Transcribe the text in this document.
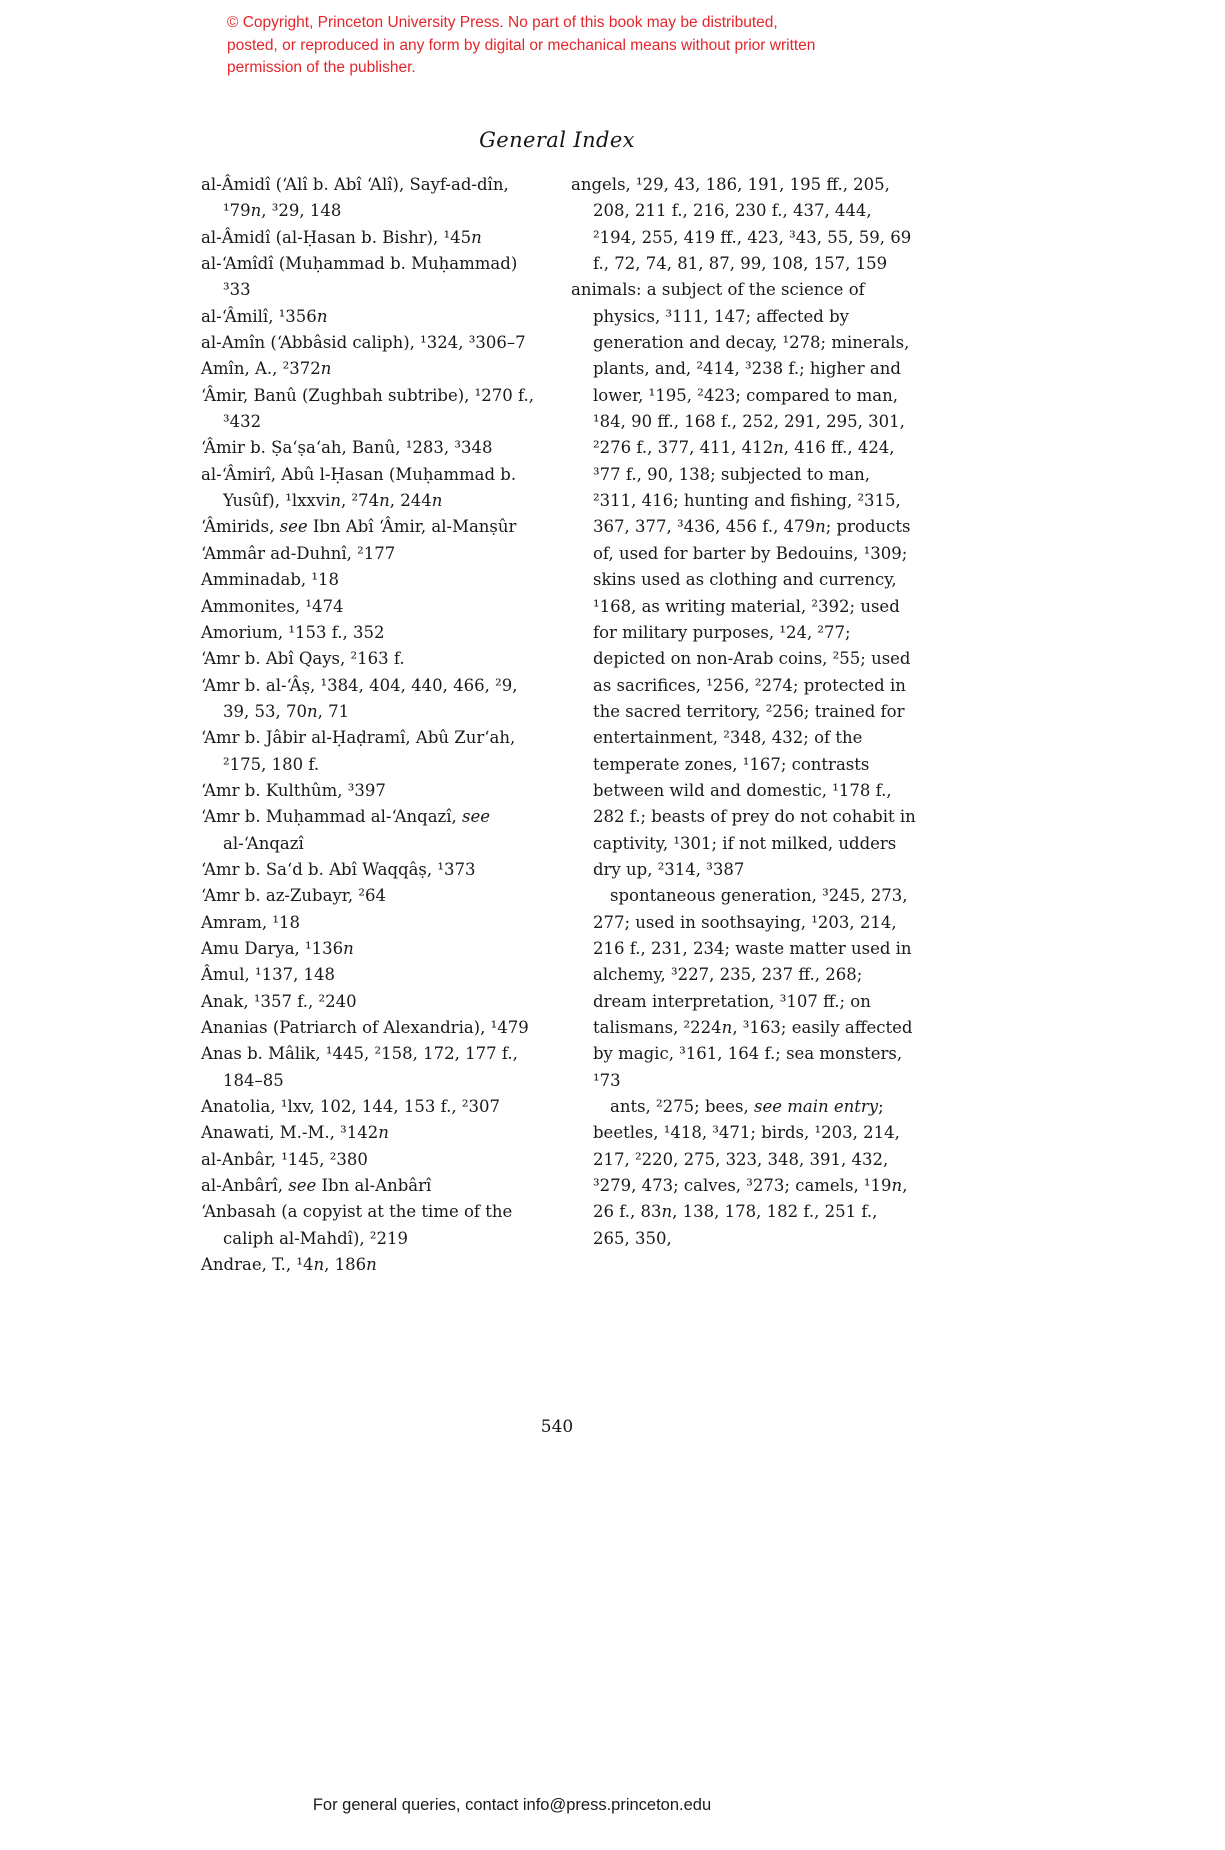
© Copyright, Princeton University Press. No part of this book may be distributed, posted, or reproduced in any form by digital or mechanical means without prior written permission of the publisher.
General Index
al-Âmidî (‘Alî b. Abî ‘Alî), Sayf-ad-dîn, ¹79n, ³29, 148
al-Âmidî (al-Ḥasan b. Bishr), ¹45n
al-‘Amîdî (Muḥammad b. Muḥammad) ³33
al-‘Âmilî, ¹356n
al-Amîn (‘Abbâsid caliph), ¹324, ³306–7
Amîn, A., ²372n
‘Âmir, Banû (Zughbah subtribe), ¹270 f., ³432
‘Âmir b. Ṣa‘ṣa‘ah, Banû, ¹283, ³348
al-‘Âmirî, Abû l-Ḥasan (Muḥammad b. Yusûf), ¹lxxvin, ²74n, 244n
‘Âmirids, see Ibn Abî ‘Âmir, al-Manṣûr
‘Ammâr ad-Duhnî, ²177
Amminadab, ¹18
Ammonites, ¹474
Amorium, ¹153 f., 352
‘Amr b. Abî Qays, ²163 f.
‘Amr b. al-‘Âṣ, ¹384, 404, 440, 466, ²9, 39, 53, 70n, 71
‘Amr b. Jâbir al-Ḥaḍramî, Abû Zur‘ah, ²175, 180 f.
‘Amr b. Kulthûm, ³397
‘Amr b. Muḥammad al-‘Anqazî, see al-‘Anqazî
‘Amr b. Sa‘d b. Abî Waqqâṣ, ¹373
‘Amr b. az-Zubayr, ²64
Amram, ¹18
Amu Darya, ¹136n
Âmul, ¹137, 148
Anak, ¹357 f., ²240
Ananias (Patriarch of Alexandria), ¹479
Anas b. Mâlik, ¹445, ²158, 172, 177 f., 184–85
Anatolia, ¹lxv, 102, 144, 153 f., ²307
Anawati, M.-M., ³142n
al-Anbâr, ¹145, ²380
al-Anbârî, see Ibn al-Anbârî
‘Anbasah (a copyist at the time of the caliph al-Mahdî), ²219
Andrae, T., ¹4n, 186n
angels, ¹29, 43, 186, 191, 195 ff., 205, 208, 211 f., 216, 230 f., 437, 444, ²194, 255, 419 ff., 423, ³43, 55, 59, 69 f., 72, 74, 81, 87, 99, 108, 157, 159
animals: a subject of the science of physics, ³111, 147; affected by generation and decay, ¹278; minerals, plants, and, ²414, ³238 f.; higher and lower, ¹195, ²423; compared to man, ¹84, 90 ff., 168 f., 252, 291, 295, 301, ²276 f., 377, 411, 412n, 416 ff., 424, ³77 f., 90, 138; subjected to man, ²311, 416; hunting and fishing, ²315, 367, 377, ³436, 456 f., 479n; products of, used for barter by Bedouins, ¹309; skins used as clothing and currency, ¹168, as writing material, ²392; used for military purposes, ¹24, ²77; depicted on non-Arab coins, ²55; used as sacrifices, ¹256, ²274; protected in the sacred territory, ²256; trained for entertainment, ²348, 432; of the temperate zones, ¹167; contrasts between wild and domestic, ¹178 f., 282 f.; beasts of prey do not cohabit in captivity, ¹301; if not milked, udders dry up, ²314, ³387
spontaneous generation, ³245, 273, 277; used in soothsaying, ¹203, 214, 216 f., 231, 234; waste matter used in alchemy, ³227, 235, 237 ff., 268; dream interpretation, ³107 ff.; on talismans, ²224n, ³163; easily affected by magic, ³161, 164 f.; sea monsters, ¹73
ants, ²275; bees, see main entry; beetles, ¹418, ³471; birds, ¹203, 214, 217, ²220, 275, 323, 348, 391, 432, ³279, 473; calves, ³273; camels, ¹19n, 26 f., 83n, 138, 178, 182 f., 251 f., 265, 350,
540
For general queries, contact info@press.princeton.edu
